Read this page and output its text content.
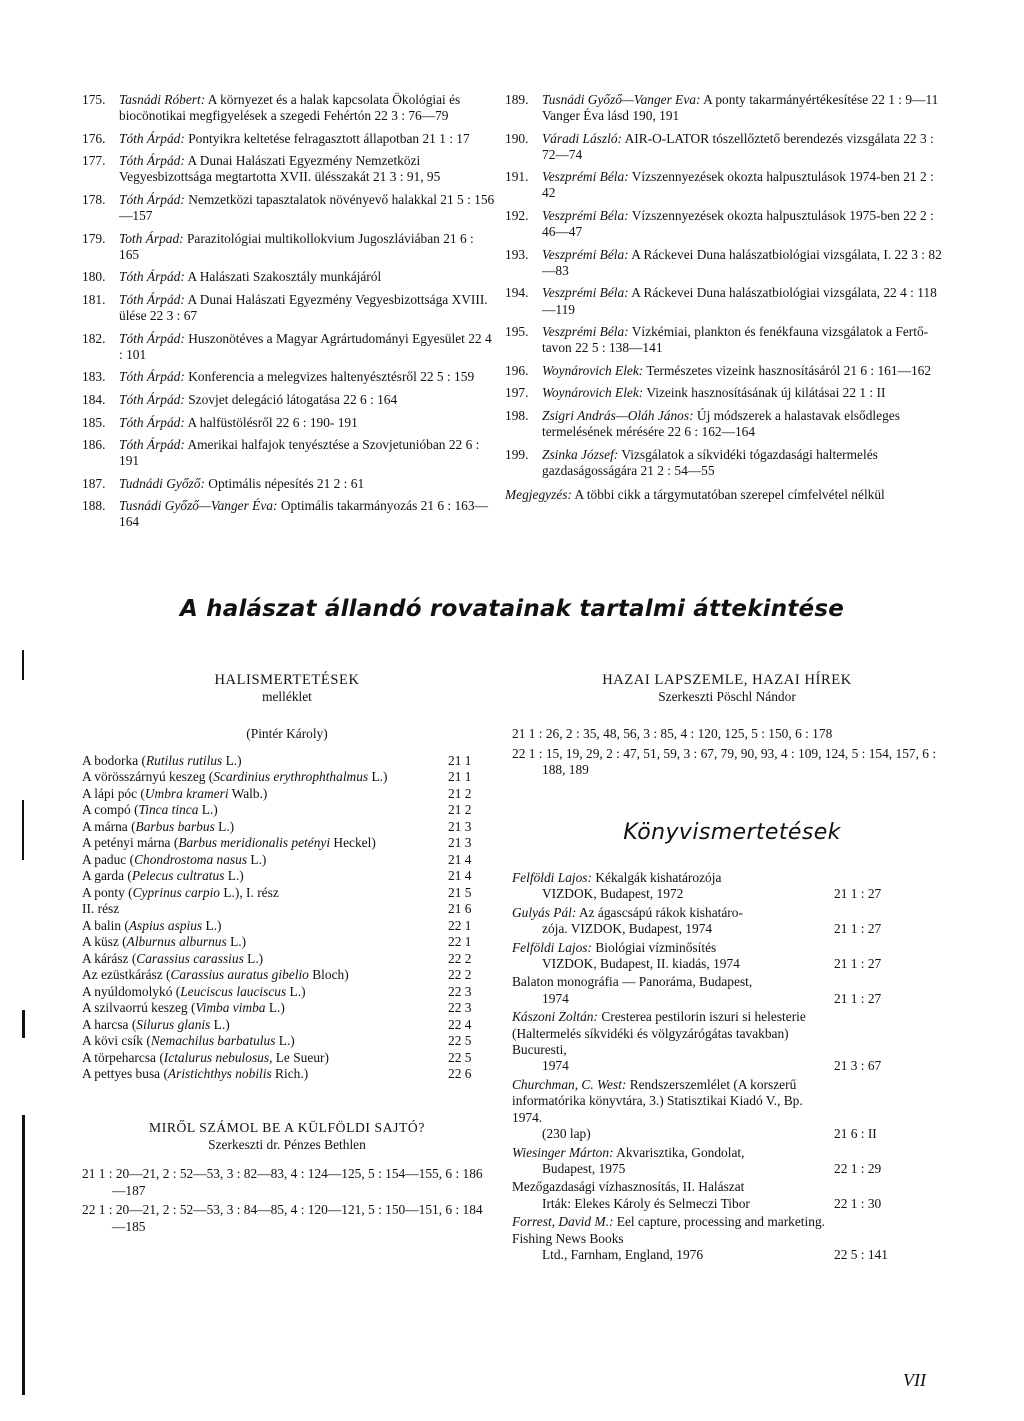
175. Tasnádi Róbert: A környezet és a halak kapcsolata Ökológiai és biocönotikai megfigyelések a szegedi Fehértón 22 3 : 76—79
176. Tóth Árpád: Pontyikra keltetése felragasztott állapotban 21 1 : 17
177. Tóth Árpád: A Dunai Halászati Egyezmény Nemzetközi Vegyesbizottsága megtartotta XVII. ülésszakát 21 3 : 91, 95
178. Tóth Árpád: Nemzetközi tapasztalatok növényevő halakkal 21 5 : 156—157
179. Toth Árpad: Parazitológiai multikollokvium Jugoszláviában 21 6 : 165
180. Tóth Árpád: A Halászati Szakosztály munkájáról
181. Tóth Árpád: A Dunai Halászati Egyezmény Vegyesbizottsága XVIII. ülése 22 3 : 67
182. Tóth Árpád: Huszonötéves a Magyar Agrártudományi Egyesület 22 4 : 101
183. Tóth Árpád: Konferencia a melegvizes haltenyésztésről 22 5 : 159
184. Tóth Árpád: Szovjet delegáció látogatása 22 6 : 164
185. Tóth Árpád: A halfüstölésről 22 6 : 190- 191
186. Tóth Árpád: Amerikai halfajok tenyésztése a Szovjetunióban 22 6 : 191
187. Tudnádi Győző: Optimális népesítés 21 2 : 61
188. Tusnádi Győző—Vanger Éva: Optimális takarmányozás 21 6 : 163—164
189. Tusnádi Győző—Vanger Eva: A ponty takarmányértékesítése 22 1 : 9—11 Vanger Éva lásd 190, 191
190. Váradi László: AIR-O-LATOR tószellőztető berendezés vizsgálata 22 3 : 72—74
191. Veszprémi Béla: Vízszennyezések okozta halpusztulások 1974-ben 21 2 : 42
192. Veszprémi Béla: Vízszennyezések okozta halpusztulások 1975-ben 22 2 : 46—47
193. Veszprémi Béla: A Ráckevei Duna halászatbiológiai vizsgálata, I. 22 3 : 82—83
194. Veszprémi Béla: A Ráckevei Duna halászatbiológiai vizsgálata, 22 4 : 118—119
195. Veszprémi Béla: Vízkémiai, plankton és fenékfauna vizsgálatok a Fertő-tavon 22 5 : 138—141
196. Woynárovich Elek: Természetes vizeink hasznosításáról 21 6 : 161—162
197. Woynárovich Elek: Vizeink hasznosításának új kilátásai 22 1 : II
198. Zsigri András—Oláh János: Új módszerek a halastavak elsődleges termelésének mérésére 22 6 : 162—164
199. Zsinka József: Vizsgálatok a síkvidéki tógazdasági haltermelés gazdaságosságára 21 2 : 54—55
Megjegyzés: A többi cikk a tárgymutatóban szerepel címfelvétel nélkül
A halászat állandó rovatainak tartalmi áttekintése
HALISMERTETÉSEK
melléklet
(Pintér Károly)
A bodorka (Rutilus rutilus L.)	21 1
A vörösszárnyú keszeg (Scardinius erythrophthalmus L.)	21 1
A lápi póc (Umbra krameri Walb.)	21 2
A compó (Tinca tinca L.)	21 2
A márna (Barbus barbus L.)	21 3
A petényi márna (Barbus meridionalis petényi Heckel)	21 3
A paduc (Chondrostoma nasus L.)	21 4
A garda (Pelecus cultratus L.)	21 4
A ponty (Cyprinus carpio L.), I. rész	21 5
II. rész	21 6
A balin (Aspius aspius L.)	22 1
A küsz (Alburnus alburnus L.)	22 1
A kárász (Carassius carassius L.)	22 2
Az ezüstkárász (Carassius auratus gibelio Bloch)	22 2
A nyúldomolykó (Leuciscus lauciscus L.)	22 3
A szilvaorrú keszeg (Vimba vimba L.)	22 3
A harcsa (Silurus glanis L.)	22 4
A kövi csík (Nemachilus barbatulus L.)	22 5
A törpeharcsa (Ictalurus nebulosus, Le Sueur)	22 5
A pettyes busa (Aristichthys nobilis Rich.)	22 6
MIRŐL SZÁMOL BE A KÜLFÖLDI SAJTÓ?
Szerkeszti dr. Pénzes Bethlen
21 1 : 20—21, 2 : 52—53, 3 : 82—83, 4 : 124—125, 5 : 154—155, 6 : 186—187
22 1 : 20—21, 2 : 52—53, 3 : 84—85, 4 : 120—121, 5 : 150—151, 6 : 184—185
HAZAI LAPSZEMLE, HAZAI HÍREK
Szerkeszti Pöschl Nándor
21 1 : 26, 2 : 35, 48, 56, 3 : 85, 4 : 120, 125, 5 : 150, 6 : 178
22 1 : 15, 19, 29, 2 : 47, 51, 59, 3 : 67, 79, 90, 93, 4 : 109, 124, 5 : 154, 157, 6 : 188, 189
Könyvismertetések
Felföldi Lajos: Kékalgák kishatározója
VIZDOK, Budapest, 1972	21 1 : 27
Gulyás Pál: Az ágascsápú rákok kishatáro-
zója. VIZDOK, Budapest, 1974	21 1 : 27
Felföldi Lajos: Biológiai vízminősítés
VIZDOK, Budapest, II. kiadás, 1974	21 1 : 27
Balaton monográfia — Panoráma, Budapest,
1974	21 1 : 27
Kászoni Zoltán: Cresterea pestilorin iszuri si helesterie (Haltermelés síkvidéki és völgyzárógátas tavakban) Bucuresti,
1974	21 3 : 67
Churchman, C. West: Rendszerszemlélet (A korszerű informatórika könyvtára, 3.) Statisztikai Kiadó V., Bp. 1974.
(230 lap)	21 6 : II
Wiesinger Márton: Akvarisztika, Gondolat,
Budapest, 1975	22 1 : 29
Mezőgazdasági vízhasznosítás, II. Halászat
Irták: Elekes Károly és Selmeczi Tibor	22 1 : 30
Forrest, David M.: Eel capture, processing and marketing. Fishing News Books
Ltd., Farnham, England, 1976	22 5 : 141
VII
